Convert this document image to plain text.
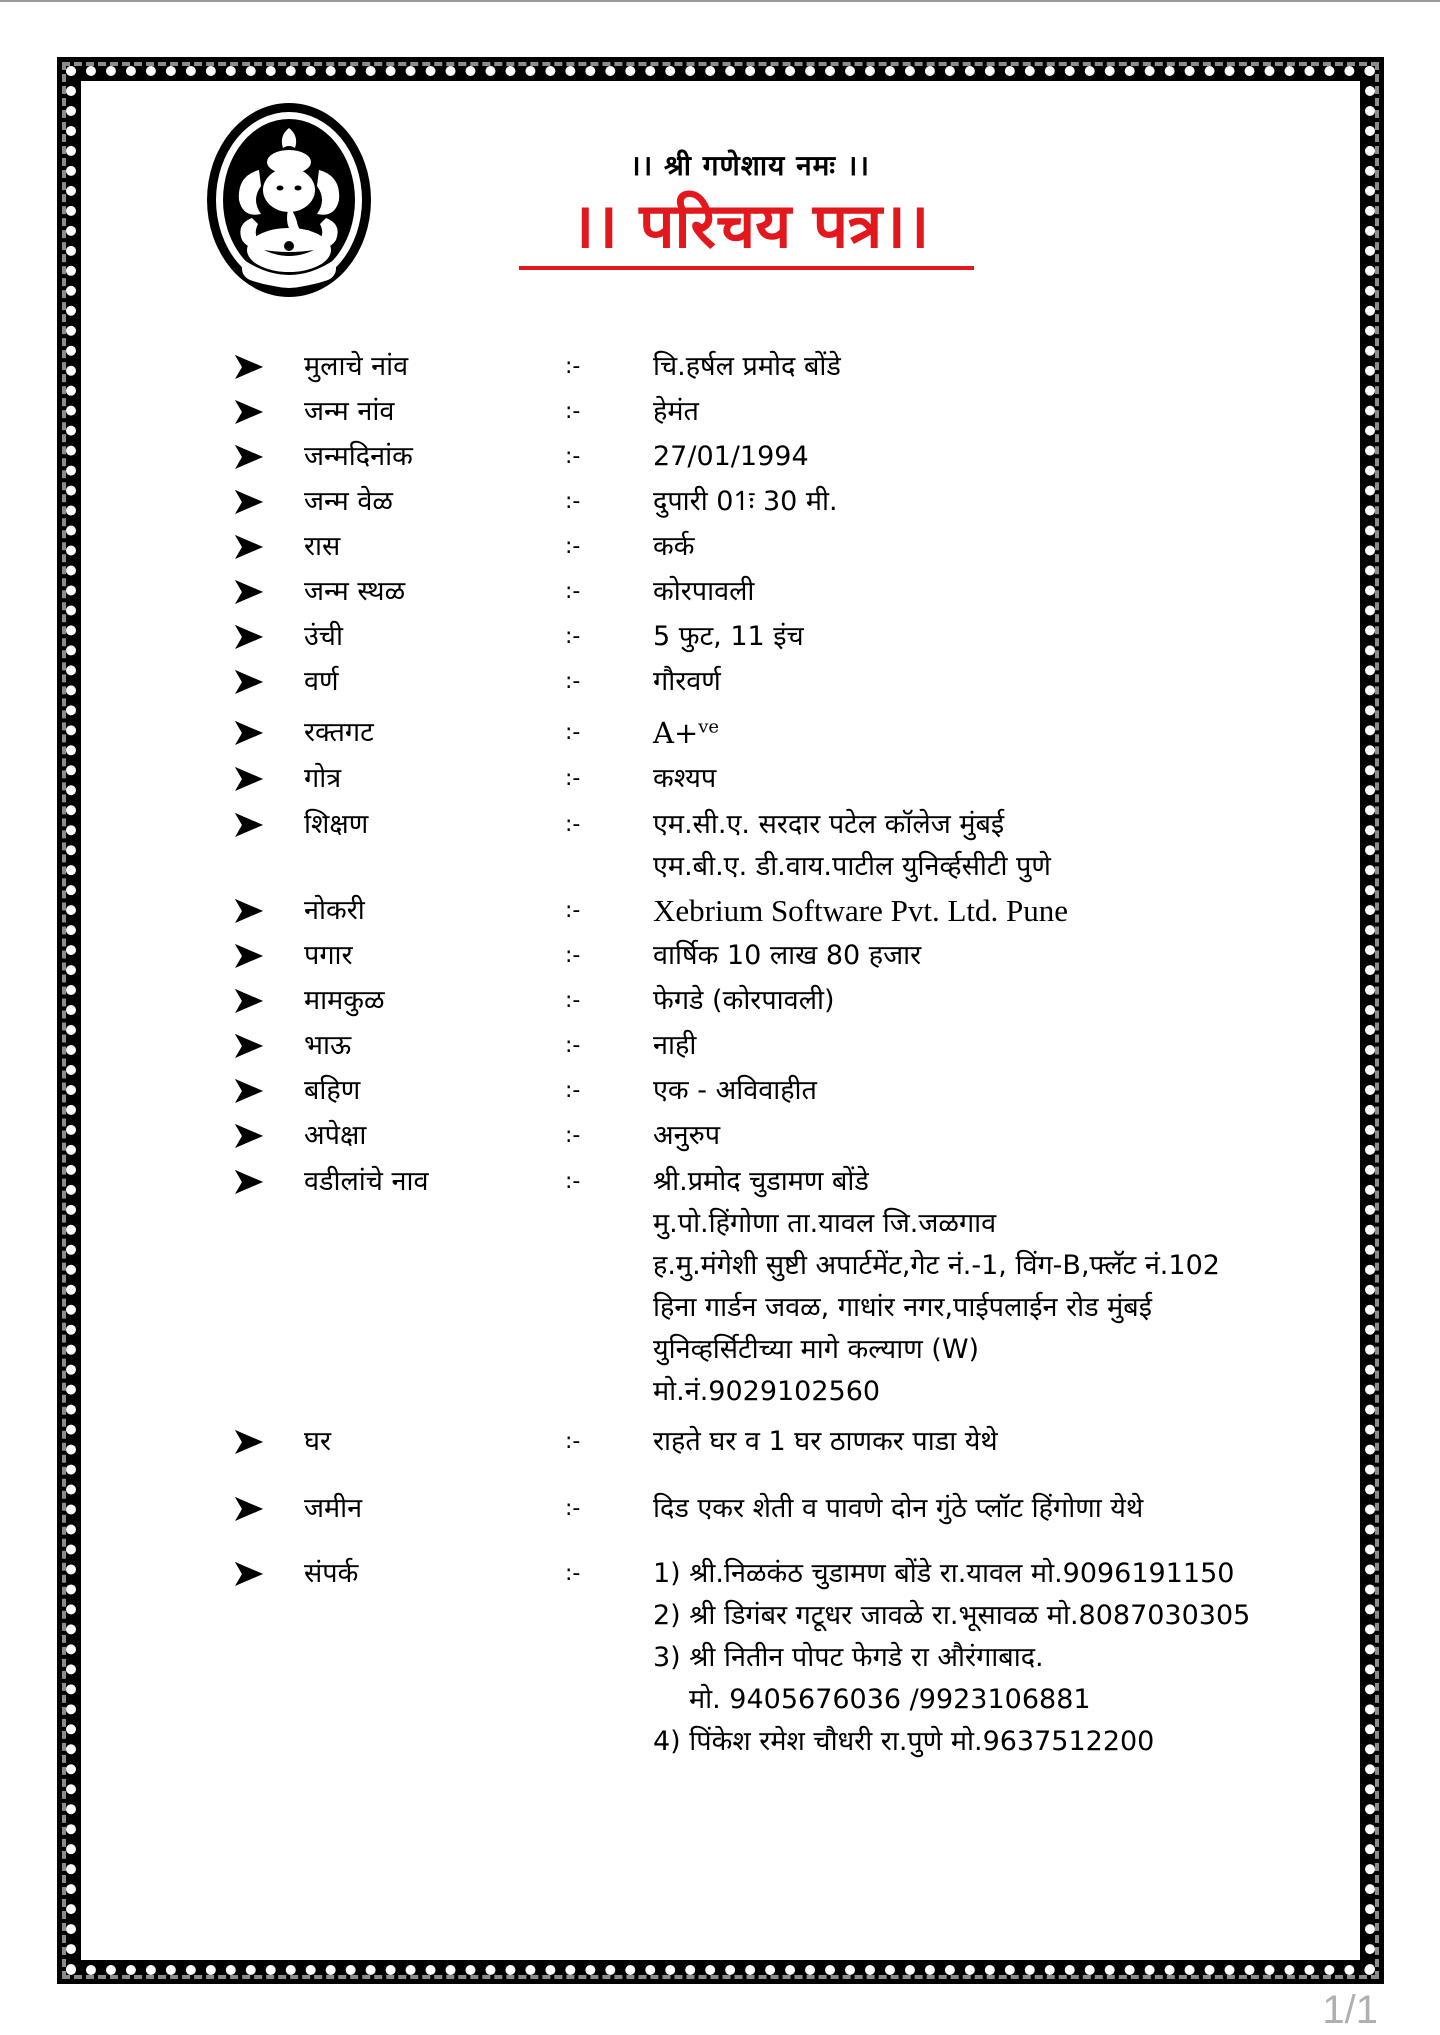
।। श्री गणेशाय नमः ।।
।। परिचय पत्र।।
मुलाचे नांव	:-	चि.हर्षल प्रमोद बोंडे
जन्म नांव	:-	हेमंत
जन्मदिनांक	:-	27/01/1994
जन्म वेळ	:-	दुपारी 01ः 30 मी.
रास	:-	कर्क
जन्म स्थळ	:-	कोरपावली
उंची	:-	5 फुट, 11 इंच
वर्ण	:-	गौरवर्ण
रक्तगट	:-	A+$^{ve}$
गोत्र	:-	कश्यप
शिक्षण	:-	एम.सी.ए. सरदार पटेल कॉलेज मुंबई
एम.बी.ए. डी.वाय.पाटील युनिर्व्हसीटी पुणे
नोकरी	:- Xebrium Software Pvt. Ltd. Pune
पगार	:-	वार्षिक 10 लाख 80 हजार
मामकुळ	:-	फेगडे (कोरपावली)
भाऊ	:-	नाही
बहिण	:-	एक - अविवाहीत
अपेक्षा	:-	अनुरुप
वडीलांचे नाव	:-	श्री.प्रमोद चुडामण बोंडे
मु.पो.हिंगोणा ता.यावल जि.जळगाव
ह.मु.मंगेशी सुष्टी अपार्टमेंट,गेट नं.-1, विंग-B,फ्लॅट नं.102
हिना गार्डन जवळ, गाधांर नगर,पाईपलाईन रोड मुंबई
युनिव्हर्सिटीच्या मागे कल्याण (W)
मो.नं.9029102560
घर	:-	राहते घर व 1 घर ठाणकर पाडा येथे
जमीन	:-	दिड एकर शेती व पावणे दोन गुंठे प्लॉट हिंगोणा येथे
संपर्क	:-	1) श्री.निळकंठ चुडामण बोंडे रा.यावल मो.9096191150
2) श्री डिगंबर गटूधर जावळे रा.भूसावळ मो.8087030305
3) श्री नितीन पोपट फेगडे रा औरंगाबाद.
मो. 9405676036 /9923106881
4) पिंकेश रमेश चौधरी रा.पुणे मो.9637512200
1/1
